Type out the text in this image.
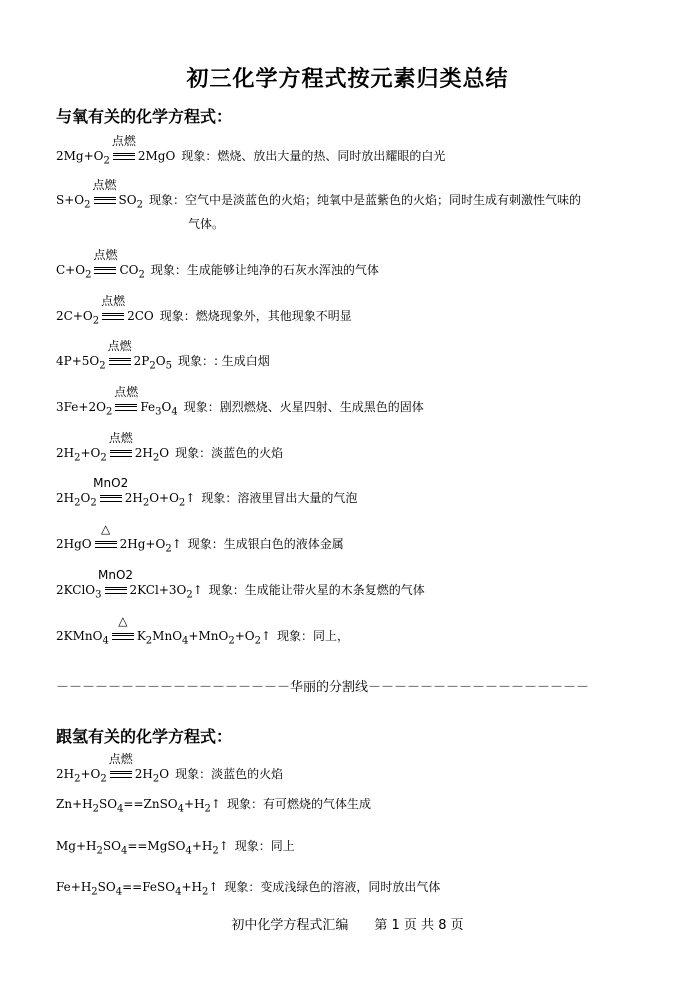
初三化学方程式按元素归类总结
与氧有关的化学方程式：
$2Mg+O_2$
点燃
2MgO 现象：燃烧、放出大量的热、同时放出耀眼的白光
$S+O_2$
点燃
$SO_2$ 现象：空气中是淡蓝色的火焰；纯氧中是蓝紫色的火焰；同时生成有刺激性气味的
气体。
$C+O_2$
点燃
$CO_2$ 现象：生成能够让纯净的石灰水浑浊的气体
$2C+O_2$
点燃
2CO 现象：燃烧现象外，其他现象不明显
$4P+5O_2$
点燃
$2P_2O_5$ 现象：: 生成白烟
$3Fe+2O_2$
点燃
$Fe_3O_4$ 现象：剧烈燃烧、火星四射、生成黑色的固体
$2H_2+O_2$
点燃
$2H_2O$ 现象：淡蓝色的火焰
$2H_2O_2$
MnO2
$2H_2O+O_2↑$ 现象：溶液里冒出大量的气泡
2HgO
△
$2Hg+O_2↑$ 现象：生成银白色的液体金属
2KClO$_3$
MnO2
$2KCl+3O_2↑$ 现象：生成能让带火星的木条复燃的气体
2KMnO$_4$
△
$K_2MnO_4+MnO_2+O_2↑$ 现象：同上，
－－－－－－－－－－－－－－－－－－华丽的分割线－－－－－－－－－－－－－－－－－
跟氢有关的化学方程式：
$2H_2+O_2$
点燃
$2H_2O$ 现象：淡蓝色的火焰
$Zn+H_2SO_4==ZnSO_4+H_2↑$ 现象：有可燃烧的气体生成
$Mg+H_2SO_4==MgSO_4+H_2↑$ 现象：同上
$Fe+H_2SO_4==FeSO_4+H_2↑$ 现象：变成浅绿色的溶液，同时放出气体
初中化学方程式汇编　　第 1 页 共 8 页
